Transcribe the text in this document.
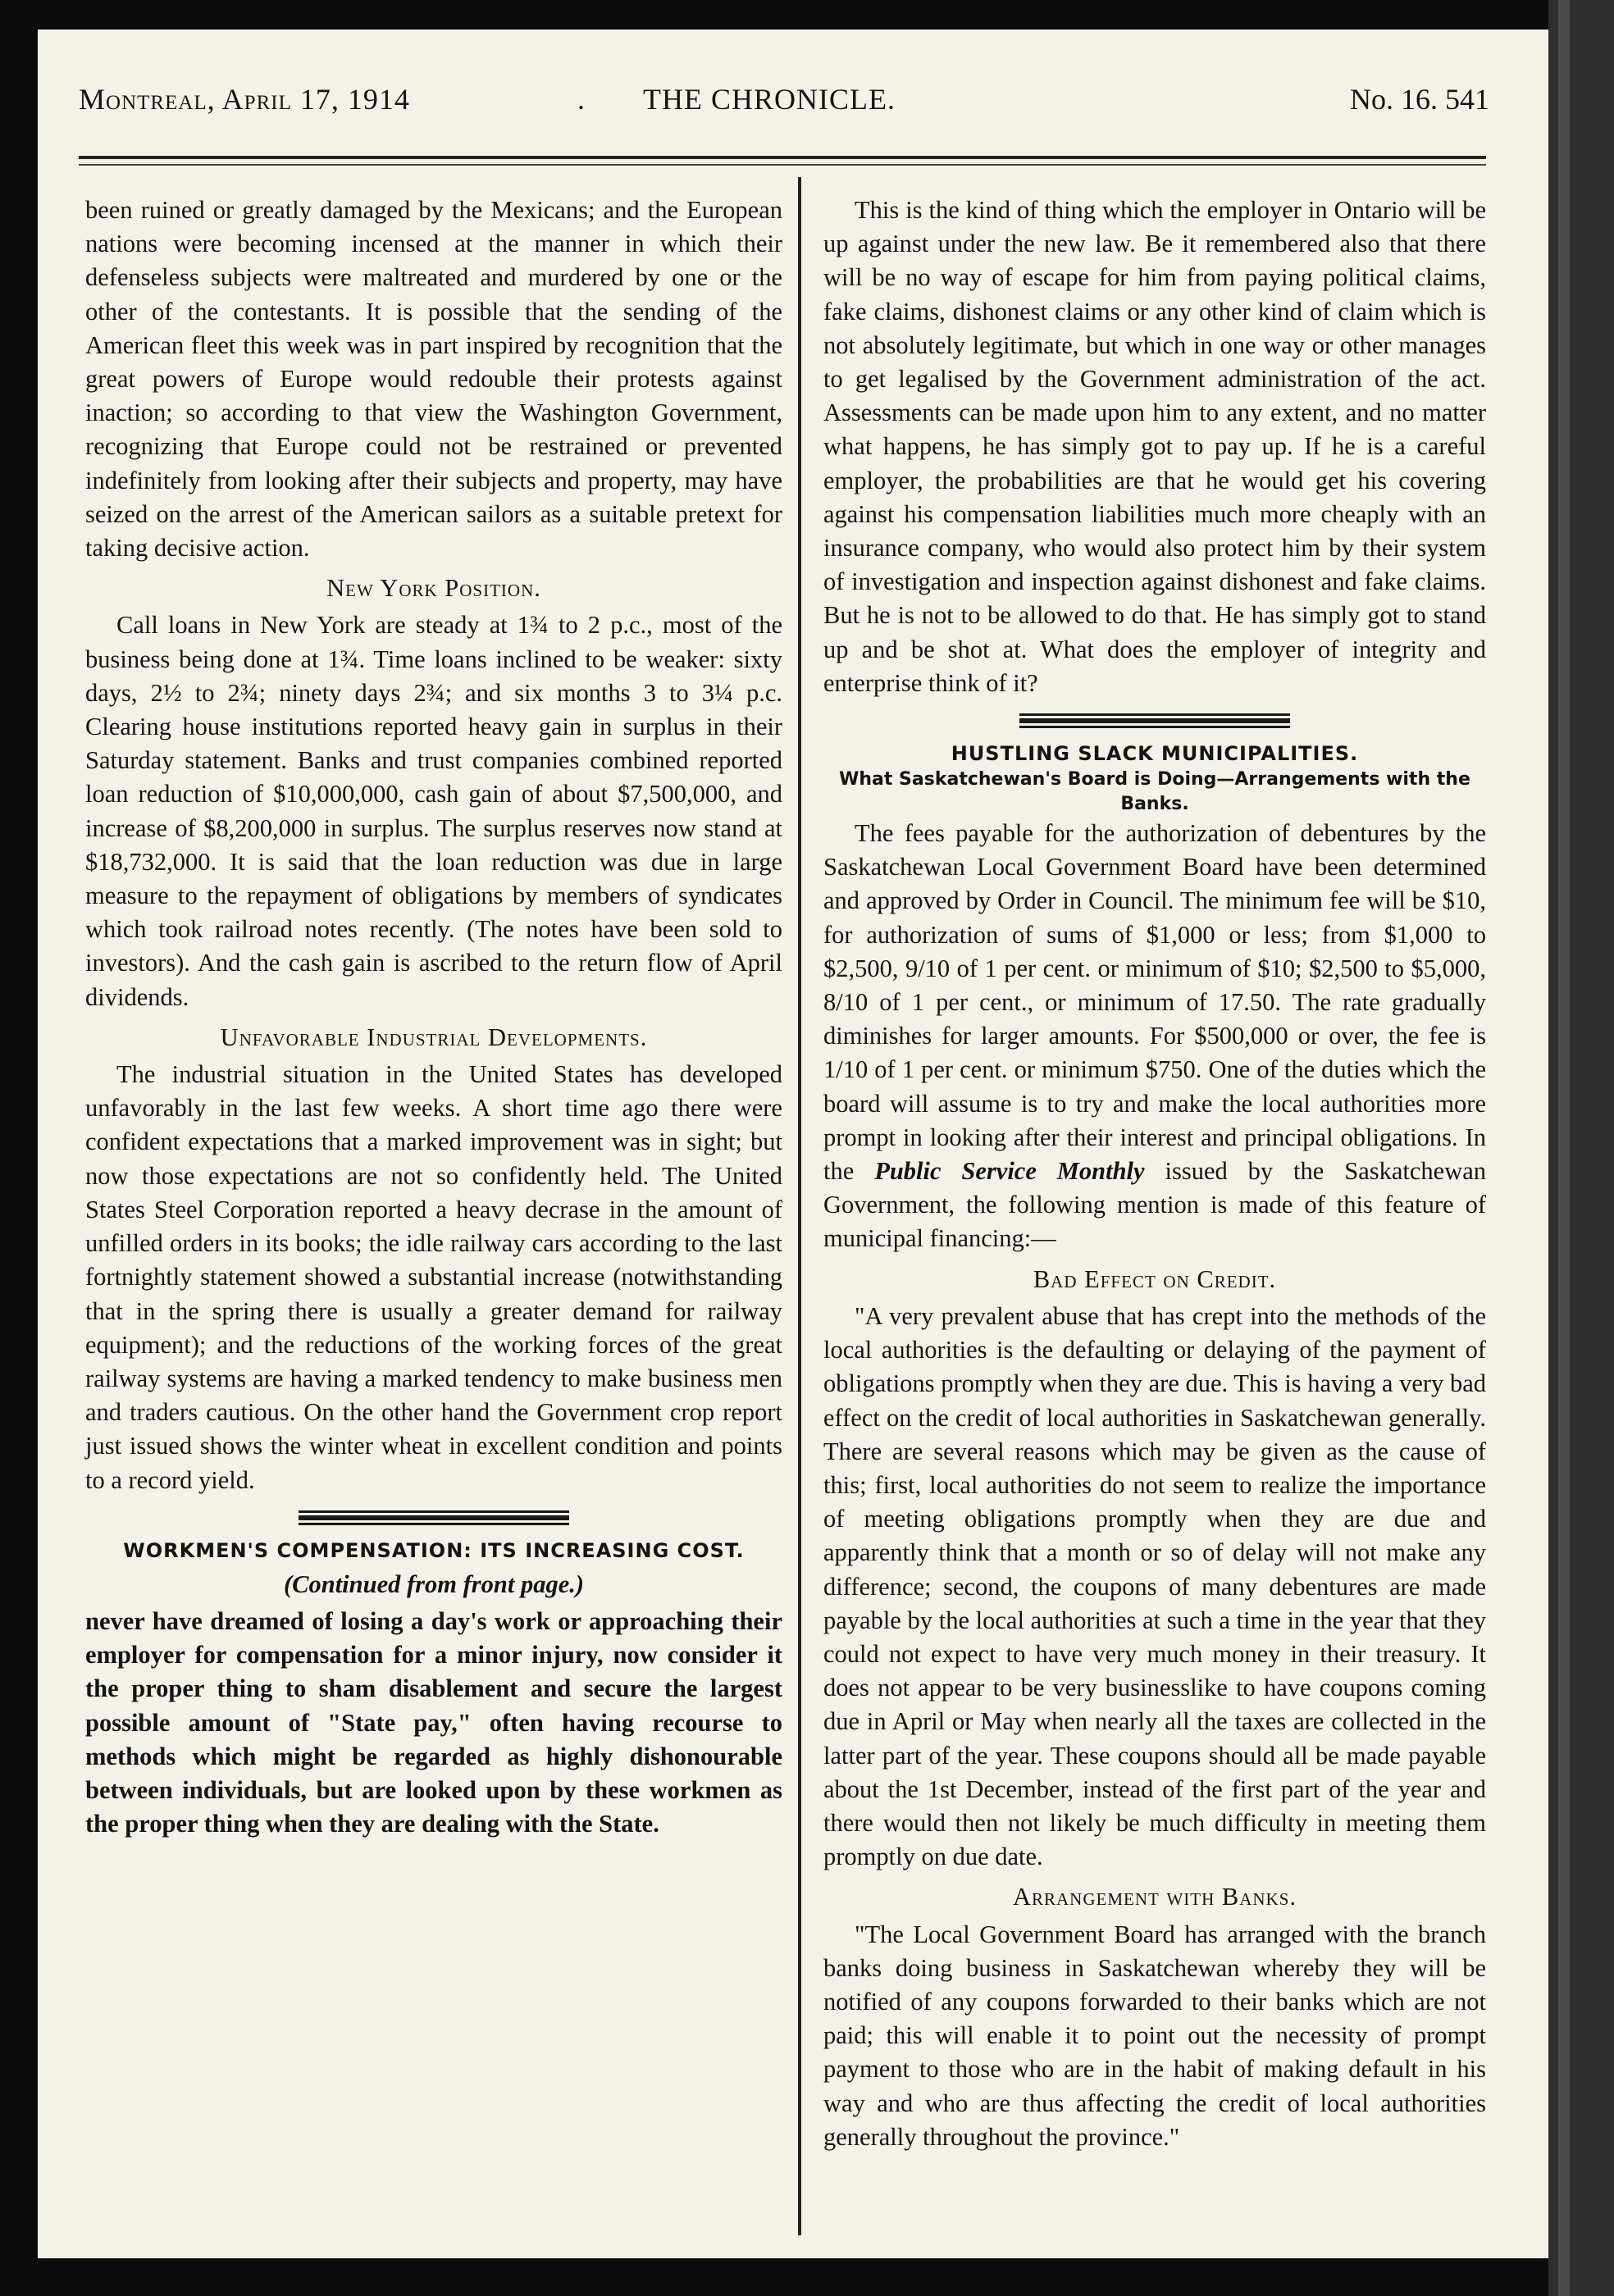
Montreal, April 17, 1914	. THE CHRONICLE.	No. 16. 541

been ruined or greatly damaged by the Mexicans; and the European nations were becoming incensed at the manner in which their defenseless subjects were maltreated and murdered by one or the other of the contestants. It is possible that the sending of the American fleet this week was in part inspired by recognition that the great powers of Europe would redouble their protests against inaction; so according to that view the Washington Government, recognizing that Europe could not be restrained or prevented indefinitely from looking after their subjects and property, may have seized on the arrest of the American sailors as a suitable pretext for taking decisive action.

New York Position.

Call loans in New York are steady at 1¾ to 2 p.c., most of the business being done at 1¾. Time loans inclined to be weaker: sixty days, 2½ to 2¾; ninety days 2¾; and six months 3 to 3¼ p.c. Clearing house institutions reported heavy gain in surplus in their Saturday statement. Banks and trust companies combined reported loan reduction of $10,000,000, cash gain of about $7,500,000, and increase of $8,200,000 in surplus. The surplus reserves now stand at $18,732,000. It is said that the loan reduction was due in large measure to the repayment of obligations by members of syndicates which took railroad notes recently. (The notes have been sold to investors). And the cash gain is ascribed to the return flow of April dividends.

Unfavorable Industrial Developments.

The industrial situation in the United States has developed unfavorably in the last few weeks. A short time ago there were confident expectations that a marked improvement was in sight; but now those expectations are not so confidently held. The United States Steel Corporation reported a heavy decrase in the amount of unfilled orders in its books; the idle railway cars according to the last fortnightly statement showed a substantial increase (notwithstanding that in the spring there is usually a greater demand for railway equipment); and the reductions of the working forces of the great railway systems are having a marked tendency to make business men and traders cautious. On the other hand the Government crop report just issued shows the winter wheat in excellent condition and points to a record yield.

WORKMEN'S COMPENSATION: ITS INCREASING COST.
(Continued from front page.)

never have dreamed of losing a day's work or approaching their employer for compensation for a minor injury, now consider it the proper thing to sham disablement and secure the largest possible amount of "State pay," often having recourse to methods which might be regarded as highly dishonourable between individuals, but are looked upon by these workmen as the proper thing when they are dealing with the State.

This is the kind of thing which the employer in Ontario will be up against under the new law. Be it remembered also that there will be no way of escape for him from paying political claims, fake claims, dishonest claims or any other kind of claim which is not absolutely legitimate, but which in one way or other manages to get legalised by the Government administration of the act. Assessments can be made upon him to any extent, and no matter what happens, he has simply got to pay up. If he is a careful employer, the probabilities are that he would get his covering against his compensation liabilities much more cheaply with an insurance company, who would also protect him by their system of investigation and inspection against dishonest and fake claims. But he is not to be allowed to do that. He has simply got to stand up and be shot at. What does the employer of integrity and enterprise think of it?

HUSTLING SLACK MUNICIPALITIES.
What Saskatchewan's Board is Doing—Arrangements with the Banks.

The fees payable for the authorization of debentures by the Saskatchewan Local Government Board have been determined and approved by Order in Council. The minimum fee will be $10, for authorization of sums of $1,000 or less; from $1,000 to $2,500, 9/10 of 1 per cent. or minimum of $10; $2,500 to $5,000, 8/10 of 1 per cent., or minimum of 17.50. The rate gradually diminishes for larger amounts. For $500,000 or over, the fee is 1/10 of 1 per cent. or minimum $750. One of the duties which the board will assume is to try and make the local authorities more prompt in looking after their interest and principal obligations. In the Public Service Monthly issued by the Saskatchewan Government, the following mention is made of this feature of municipal financing:—

Bad Effect on Credit.

"A very prevalent abuse that has crept into the methods of the local authorities is the defaulting or delaying of the payment of obligations promptly when they are due. This is having a very bad effect on the credit of local authorities in Saskatchewan generally. There are several reasons which may be given as the cause of this; first, local authorities do not seem to realize the importance of meeting obligations promptly when they are due and apparently think that a month or so of delay will not make any difference; second, the coupons of many debentures are made payable by the local authorities at such a time in the year that they could not expect to have very much money in their treasury. It does not appear to be very businesslike to have coupons coming due in April or May when nearly all the taxes are collected in the latter part of the year. These coupons should all be made payable about the 1st December, instead of the first part of the year and there would then not likely be much difficulty in meeting them promptly on due date.

Arrangement with Banks.

"The Local Government Board has arranged with the branch banks doing business in Saskatchewan whereby they will be notified of any coupons forwarded to their banks which are not paid; this will enable it to point out the necessity of prompt payment to those who are in the habit of making default in his way and who are thus affecting the credit of local authorities generally throughout the province."
